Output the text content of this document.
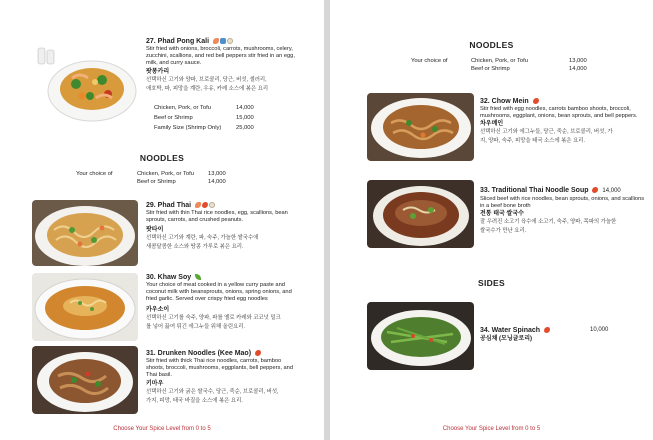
27. Phad Pong Kali
Stir fried with onions, broccoli, carrots, mushrooms, celery, zucchini, scallions, and red bell peppers stir fried in an egg, milk, and curry sauce.
팟퐁카리
선택하신 고기와 양파, 브로콜리, 당근, 버섯, 셀러리,
애호박, 파, 피망을 계란, 우유, 카레 소스에 볶은 요리
Chicken, Pork, or Tofu	14,000
Beef or Shrimp	15,000
Family Size (Shrimp Only)	25,000
NOODLES
Your choice of	Chicken, Pork, or Tofu	13,000
Beef or Shrimp	14,000
29. Phad Thai
Stir fried with thin Thai rice noodles, egg, scallions, bean sprouts, carrots, and crushed peanuts.
팟타이
선택하신 고기와 계란, 파, 숙주, 가늘한 쌀국수에
새콤달콤한 소스와 땅콩 가루로 볶은 요리.
30. Khaw Soy
Your choice of meat cooked in a yellow curry paste and coconut milk with beansprouts, onions, spring onions, and fried garlic. Served over crispy fried egg noodles
카우소이
선택하신 고기를 숙주, 양파, 파를 옐로 카레와 코코넛 밀크
를 넣어 끓여 튀긴 에그누들 위해 올린요리.
31. Drunken Noodles (Kee Mao)
Stir fried with thick Thai rice noodles, carrots, bamboo shoots, broccoli, mushrooms, eggplants, bell peppers, and Thai basil.
키마우
선택하신 고기와 굵은 쌀국수, 당근, 죽순, 브로콜리, 버섯,
가지, 피망, 태국 바질을 소스에 볶은 요리.
Choose Your Spice Level from 0 to 5
NOODLES
Your choice of	Chicken, Pork, or Tofu	13,000
Beef or Shrimp	14,000
32. Chow Mein
Stir fried with egg noodles, carrots bamboo shoots, broccoli, mushrooms, eggplant, onions, bean sprouts, and bell peppers.
차우메인
선택하신 고기와 에그누들, 당근, 죽순, 브로콜리, 버섯, 가
지, 양파, 숙주, 피망을 태국 소스에 볶은 요리.
33. Traditional Thai Noodle Soup 14,000
Sliced beef with rice noodles, bean sprouts, onions, and scallions in a beef bone broth
전통 태국 쌀국수
잘 우려진 소고기 육수에 소고기, 숙주, 양파, 목파의 가늘한
쌀국수가 만난 요리.
SIDES
34. Water Spinach
공심채 (모닝글로리)
10,000
Choose Your Spice Level from 0 to 5
